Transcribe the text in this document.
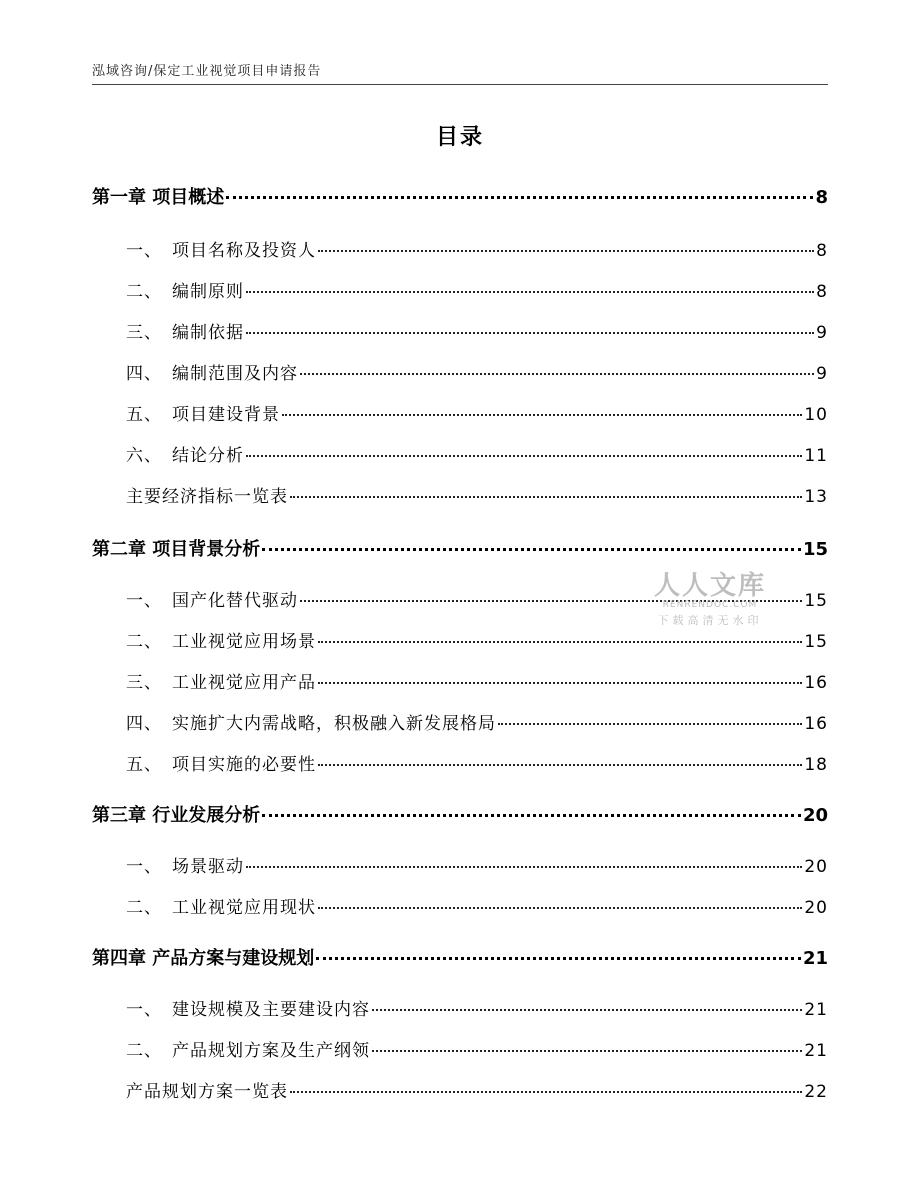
泓域咨询/保定工业视觉项目申请报告
目录
第一章 项目概述	8
一、 项目名称及投资人	8
二、 编制原则	8
三、 编制依据	9
四、 编制范围及内容	9
五、 项目建设背景	10
六、 结论分析	11
主要经济指标一览表	13
第二章 项目背景分析	15
一、 国产化替代驱动	15
二、 工业视觉应用场景	15
三、 工业视觉应用产品	16
四、 实施扩大内需战略，积极融入新发展格局	16
五、 项目实施的必要性	18
第三章 行业发展分析	20
一、 场景驱动	20
二、 工业视觉应用现状	20
第四章 产品方案与建设规划	21
一、 建设规模及主要建设内容	21
二、 产品规划方案及生产纲领	21
产品规划方案一览表	22
人人文库
RENRENDOC.COM
下载高清无水印
